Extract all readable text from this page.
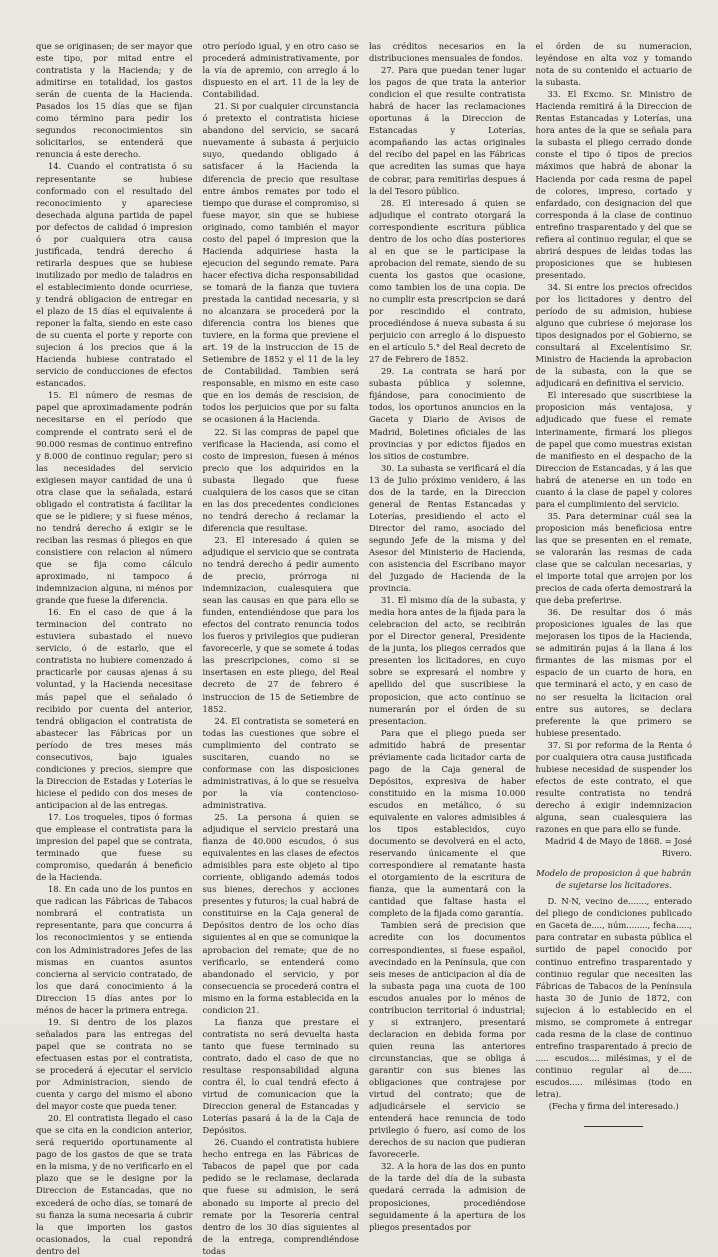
que se originasen; de ser mayor que este tipo, por mitad entre el contratista y la Hacienda; y de admitirse en totalidad, los gastos serán de cuenta de la Hacienda. Pasados los 15 días que se fijan como término para pedir los segundos reconocimientos sin solicitarlos, se entenderá que renuncia á este derecho.

14. Cuando el contratista ó su representante se hubiese conformado con el resultado del reconocimiento y apareciese desechada alguna partida de papel por defectos de calidad ó impresion ó por cualquiera otra causa justificada, tendrá derecho á retirarla despues que se hubiese inutilizado por medio de taladros en el establecimiento donde ocurriese, y tendrá obligacion de entregar en el plazo de 15 días el equivalente á reponer la falta, siendo en este caso de su cuenta el porte y reporte con sujecion á los precios que á la Hacienda hubiese contratado el servicio de conducciones de efectos estancados.

15. El número de resmas de papel que aproximadamente podrán necesitarse en el período que comprende el contrato será el de 90.000 resmas de continuo entrefino y 8.000 de continuo regular; pero si las necesidades del servicio exigiesen mayor cantidad de una ú otra clase que la señalada, estará obligado el contratista á facilitar la que se le pidiere; y si fuese ménos, no tendrá derecho á exigir se le reciban las resmas ó pliegos en que consistiere con relacion al número que se fija como cálculo aproximado, ni tampoco á indemnizacion alguna, ni ménos por grande que fuese la diferencia.

16. En el caso de que á la terminacion del contrato no estuviera subastado el nuevo servicio, ó de estarlo, que el contratista no hubiere comenzado á practicarle por causas ajenas á su voluntad, y la Hacienda necesitase más papel que el señalado ó recibido por cuenta del anterior, tendrá obligacion el contratista de abastecer las Fábricas por un período de tres meses más consecutivos, bajo iguales condiciones y precios, siempre que la Direccion de Estadas y Loterías le hiciese el pedido con dos meses de anticipacion al de las entregas.

17. Los troqueles, tipos ó formas que emplease el contratista para la impresion del papel que se contrata, terminado que fuese su compromiso, quedarán á beneficio de la Hacienda.

18. En cada uno de los puntos en que radican las Fábricas de Tabacos nombrará el contratista un representante, para que concurra á los reconocimientos y se entienda con los Administradores Jefes de las mismas en cuantos asuntos concierna al servicio contratado, de los que dará conocimiento á la Direccion 15 días antes por lo ménos de hacer la primera entrega.

19. Si dentro de los plazos señalados para las entregas del papel que se contrata no se efectuasen estas por el contratista, se procederá á ejecutar el servicio por Administracion, siendo de cuenta y cargo del mismo el abono del mayor coste que pueda tener.

20. El contratista llegado el caso que se cita en la condicion anterior, será requerido oportunamente al pago de los gastos de que se trata en la misma, y de no verificarlo en el plazo que se le designe por la Direccion de Estancadas, que no excederá de ocho días, se tomará de su fianza la suma necesaria á cubrir la que importen los gastos ocasionados, la cual repondrá dentro del

otro período igual, y en otro caso se procederá administrativamente, por la vía de apremio, con arreglo á lo dispuesto en el art. 11 de la ley de Contabilidad.

21. Si por cualquier circunstancia ó pretexto el contratista hiciese abandono del servicio, se sacará nuevamente á subasta á perjuicio suyo, quedando obligado á satisfacer á la Hacienda la diferencia de precio que resultase entre ámbos remates por todo el tiempo que durase el compromiso, si fuese mayor, sin que se hubiese originado, como también el mayor costo del papel ó impresion que la Hacienda adquiriese hasta la ejecucion del segundo remate. Para hacer efectiva dicha responsabilidad se tomará de la fianza que tuviera prestada la cantidad necesaria, y si no alcanzara se procederá por la diferencia contra los bienes que tuviere, en la forma que previene el art. 19 de la instruccion de 15 de Setiembre de 1852 y el 11 de la ley de Contabilidad. Tambien será responsable, en mismo en este caso que en los demás de rescision, de todos los perjuicios que por su falta se ocasionen á la Hacienda.

22. Si las compras de papel que verificase la Hacienda, así como el costo de impresion, fuesen á ménos precio que los adquiridos en la subasta llegado que fuese cualquiera de los casos que se citan en las dos precedentes condiciones no tendrá derecho á reclamar la diferencia que resultase.

23. El interesado á quien se adjudique el servicio que se contrata no tendrá derecho á pedir aumento de precio, prórroga ni indemnizacion, cualesquiera que sean las causas en que para ello se funden, entendiéndose que para los efectos del contrato renuncia todos los fueros y privilegios que pudieran favorecerle, y que se somete á todas las prescripciones, como si se insertasen en este pliego, del Real decreto de 27 de febrero é instruccion de 15 de Setiembre de 1852.

24. El contratista se someterá en todas las cuestiones que sobre el cumplimiento del contrato se suscitaren, cuando no se conformase con las disposiciones administrativas, á lo que se resuelva por la vía contencioso-administrativa.

25. La persona á quien se adjudique el servicio prestará una fianza de 40.000 escudos, ó sus equivalentes en las clases de efectos admisibles para este objeto al tipo corriente, obligando además todos sus bienes, derechos y acciones presentes y futuros; la cual habrá de constituirse en la Caja general de Depósitos dentro de los ocho días siguientes al en que se comunique la aprobacion del remate; que de no verificarlo, se entenderá como abandonado el servicio, y por consecuencia se procederá contra el mismo en la forma establecida en la condicion 21.

La fianza que prestare el contratista no será devuelta hasta tanto que fuese terminado su contrato, dado el caso de que no resultase responsabilidad alguna contra él, lo cual tendrá efecto á virtud de comunicacion que la Direccion general de Estancadas y Loterías pasará á la de la Caja de Depósitos.

26. Cuando el contratista hubiere hecho entrega en las Fábricas de Tabacos de papel que por cada pedido se le reclamase, declarada que fuese su admision, le será abonado su importe al precio del remate por la Tesorería central dentro de los 30 días siguientes al de la entrega, comprendiéndose todas

las créditos necesarios en la distribuciones mensuales de fondos.

27. Para que puedan tener lugar los pagos de que trata la anterior condicion el que resulte contratista habrá de hacer las reclamaciones oportunas á la Direccion de Estancadas y Loterías, acompañando las actas originales del recibo del papel en las Fábricas que acrediten las sumas que haya de cobrar, para remitirlas despues á la del Tesoro público.

28. El interesado á quien se adjudique el contrato otorgará la correspondiente escritura pública dentro de los ocho días posteriores al en que se le participase la aprobacion del remate, siendo de su cuenta los gastos que ocasione, como tambien los de una copia. De no cumplir esta prescripcion se dará por rescindido el contrato, procediéndose á nueva subasta á su perjuicio con arreglo á lo dispuesto en el artículo 5.° del Real decreto de 27 de Febrero de 1852.

29. La contrata se hará por subasta pública y solemne, fijándose, para conocimiento de todos, los oportunos anuncios en la Gaceta y Diario de Avisos de Madrid, Boletines oficiales de las provincias y por edictos fijados en los sitios de costumbre.

30. La subasta se verificará el día 13 de Julio próximo venidero, á las dos de la tarde, en la Direccion general de Rentas Estancadas y Loterías, presidiendo el acto el Director del ramo, asociado del segundo Jefe de la misma y del Asesor del Ministerio de Hacienda, con asistencia del Escribano mayor del Juzgado de Hacienda de la provincia.

31. El mismo día de la subasta, y media hora antes de la fijada para la celebracion del acto, se recibirán por el Director general, Presidente de la junta, los pliegos cerrados que presenten los licitadores, en cuyo sobre se expresará el nombre y apellido del que suscribiese la proposicion, que acto contínuo se numerarán por el órden de su presentacion.

Para que el pliego pueda ser admitido habrá de presentar préviamente cada licitador carta de pago de la Caja general de Depósitos, expresiva de haber constituido en la misma 10.000 escudos en metálico, ó su equivalente en valores admisibles á los tipos establecidos, cuyo documento se devolverá en el acto, reservando únicamente el que correspondiere al rematante hasta el otorgamiento de la escritura de fianza, que la aumentará con la cantidad que faltase hasta el completo de la fijada como garantía.

Tambien será de precision que acredite con los documentos correspondientes, si fuese español, avecindado en la Península, que con seis meses de anticipacion al día de la subasta paga una cuota de 100 escudos anuales por lo ménos de contribucion territorial ó industrial; y si extranjero, presentará declaracion en debida forma por quien reuna las anteriores circunstancias, que se obliga á garantir con sus bienes las obligaciones que contrajese por virtud del contrato; que de adjudicársele el servicio se entenderá hace renuncia de todo privilegio ó fuero, así como de los derechos de su nacion que pudieran favorecerle.

32. A la hora de las dos en punto de la tarde del día de la subasta quedará cerrada la admision de proposiciones, procediéndose seguidamente á la apertura de los pliegos presentados por

el órden de su numeracion, leyéndose en alta voz y tomando nota de su contenido el actuario de la subasta.

33. El Excmo. Sr. Ministro de Hacienda remitirá á la Direccion de Rentas Estancadas y Loterías, una hora antes de la que se señala para la subasta el pliego cerrado donde conste el tipo ó tipos de precios máximos que habrá de abonar la Hacienda por cada resma de papel de colores, impreso, cortado y enfardado, con designacion del que corresponda á la clase de continuo entrefino trasparentado y del que se refiera al continuo regular, el que se abrirá despues de leidas todas las proposiciones que se hubiesen presentado.

34. Si entre los precios ofrecidos por los licitadores y dentro del período de su admision, hubiese alguno que cubriese ó mejorase los tipos designados por el Gobierno, se consultará al Excelentísimo Sr. Ministro de Hacienda la aprobacion de la subasta, con la que se adjudicará en definitiva el servicio.

El interesado que suscribiese la proposicion más ventajosa, y adjudicado que fuese el remate interinamente, firmará los pliegos de papel que como muestras existan de manifiesto en el despacho de la Direccion de Estancadas, y á las que habrá de atenerse en un todo en cuanto á la clase de papel y colores para el cumplimiento del servicio.

35. Para determinar cuál sea la proposicion más beneficiosa entre las que se presenten en el remate, se valorarán las resmas de cada clase que se calculan necesarias, y el importe total que arrojen por los precios de cada oferta demostrará la que deba preferirse.

36. De resultar dos ó más proposiciones iguales de las que mejorasen los tipos de la Hacienda, se admitirán pujas á la llana á los firmantes de las mismas por el espacio de un cuarto de hora, en que terminará el acto, y en caso de no ser resuelta la licitacion oral entre sus autores, se declara preferente la que primero se hubiese presentado.

37. Si por reforma de la Renta ó por cualquiera otra causa justificada hubiese necesidad de suspender los efectos de este contrato, el que resulte contratista no tendrá derecho á exigir indemnizacion alguna, sean cualesquiera las razones en que para ello se funde.

Madrid 4 de Mayo de 1868. = José Rivero.

Modelo de proposicion á que habrán de sujetarse los licitadores.

D. N·N, vecino de......., enterado del pliego de condiciones publicado en Gaceta de...., núm........, fecha....., para contratar en subasta pública el surtido de papel conocido por continuo entrefino trasparentado y continuo regular que necesiten las Fábricas de Tabacos de la Península hasta 30 de Junio de 1872, con sujecion á lo establecido en el mismo, se compromete á entregar cada resma de la clase de continuo entrefino trasparentado á precio de ..... escudos.... milésimas, y el de continuo regular al de..... escudos..... milésimas (todo en letra).

(Fecha y firma del interesado.)
